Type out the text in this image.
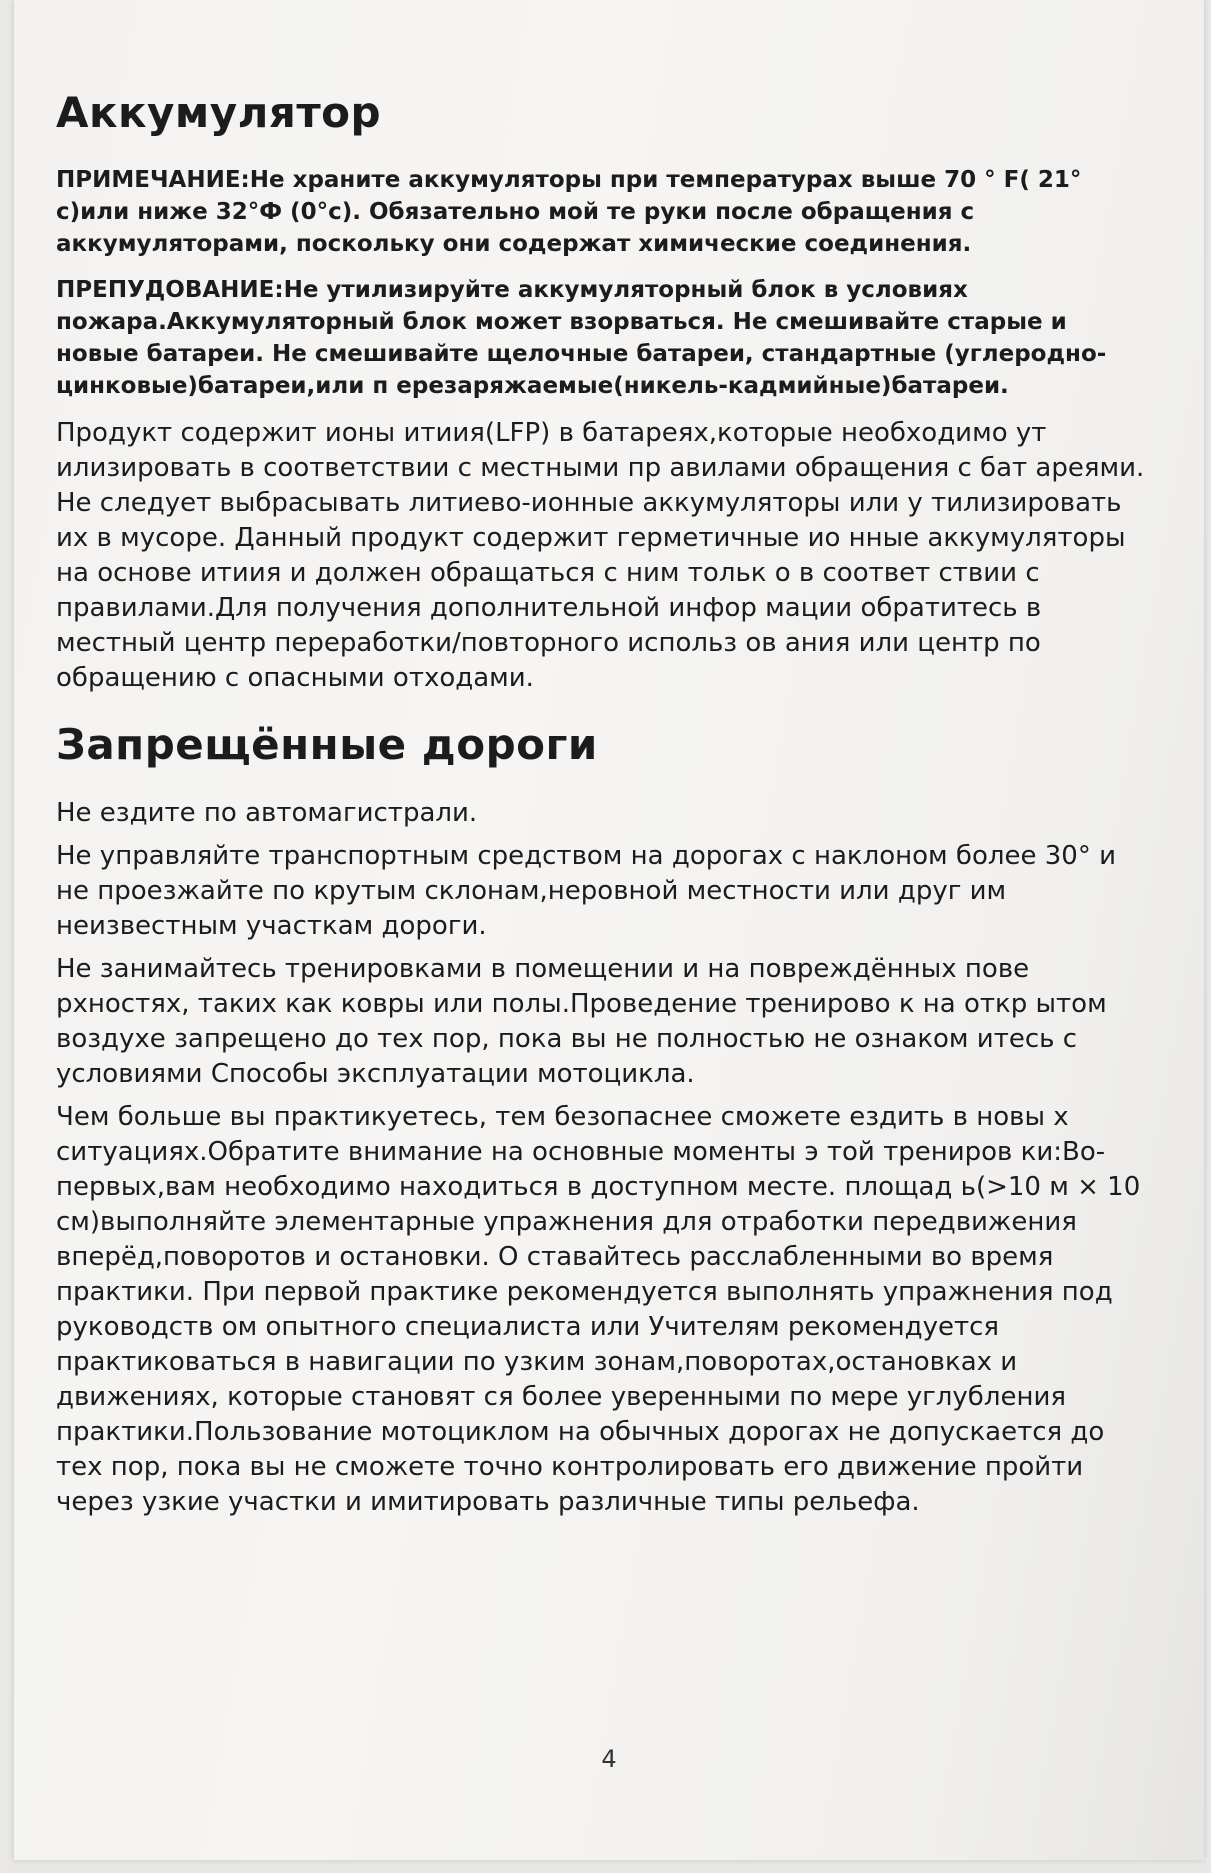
Аккумулятор

ПРИМЕЧАНИЕ:Не храните аккумуляторы при температурах выше 70 ° F( 21° c)или ниже 32°Ф (0°c). Обязательно мой те руки после обращения с аккумуляторами, поскольку они содержат химические соединения.

ПРЕПУДОВАНИЕ:Не утилизируйте аккумуляторный блок в условиях пожара.Аккумуляторный блок может взорваться. Не смешивайте старые и новые батареи. Не смешивайте щелочные батареи, стандартные (углеродно-цинковые)батареи,или п ерезаряжаемые(никель-кадмийные)батареи.

Продукт содержит ионы итиия(LFP) в батареях,которые необходимо ут илизировать в соответствии с местными пр авилами обращения с бат ареями. Не следует выбрасывать литиево-ионные аккумуляторы или у тилизировать их в мусоре. Данный продукт содержит герметичные ио нные аккумуляторы на основе итиия и должен обращаться с ним тольк о в соответ ствии с правилами.Для получения дополнительной инфор мации обратитесь в местный центр переработки/повторного использ ов ания или центр по обращению с опасными отходами.

Запрещённые дороги

Не ездите по автомагистрали.

Не управляйте транспортным средством на дорогах с наклоном более 30° и не проезжайте по крутым склонам,неровной местности или друг им неизвестным участкам дороги.

Не занимайтесь тренировками в помещении и на повреждённых пове рхностях, таких как ковры или полы.Проведение тренирово к на откр ытом воздухе запрещено до тех пор, пока вы не полностью не ознаком итесь с условиями Способы эксплуатации мотоцикла.

Чем больше вы практикуетесь, тем безопаснее сможете ездить в новы х ситуациях.Обратите внимание на основные моменты э той трениров ки:Во-первых,вам необходимо находиться в доступном месте. площад ь(>10 м × 10 см)выполняйте элементарные упражнения для отработки передвижения вперёд,поворотов и остановки. О ставайтесь расслабленными во время практики. При первой практике рекомендуется выполнять упражнения под руководств ом опытного специалиста или Учителям рекомендуется практиковаться в навигации по узким зонам,поворотах,остановках и движениях, которые становят ся более уверенными по мере углубления практики.Пользование мотоциклом на обычных дорогах не допускается до тех пор, пока вы не сможете точно контролировать его движение пройти через узкие участки и имитировать различные типы рельефа.

4
